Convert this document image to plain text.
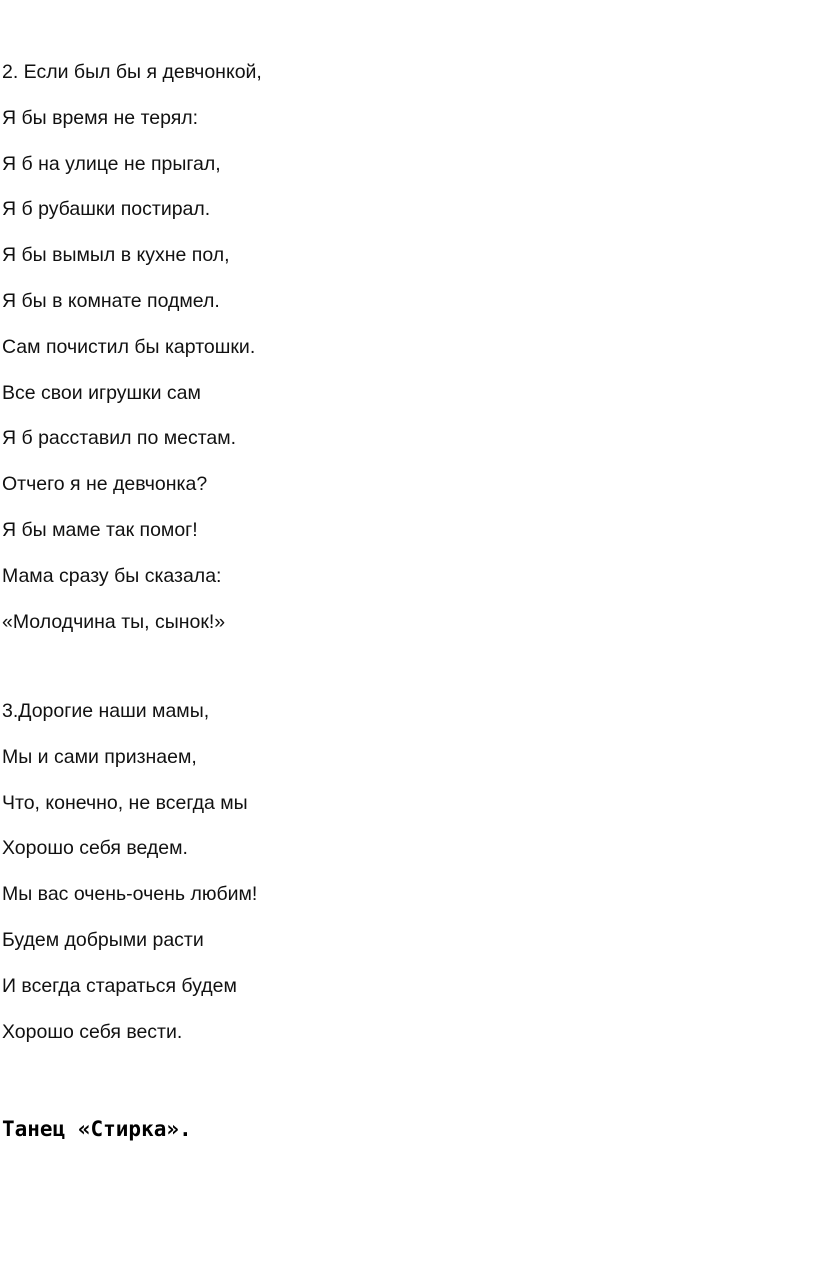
2. Если был бы я девчонкой,
Я бы время не терял:
Я б на улице не прыгал,
Я б рубашки постирал.
Я бы вымыл в кухне пол,
Я бы в комнате подмел.
Сам почистил бы картошки.
Все свои игрушки сам
Я б расставил по местам.
Отчего я не девчонка?
Я бы маме так помог!
Мама сразу бы сказала:
«Молодчина ты, сынок!»
3.Дорогие наши мамы,
Мы и сами признаем,
Что, конечно, не всегда мы
Хорошо себя ведем.
Мы вас очень-очень любим!
Будем добрыми расти
И всегда стараться будем
Хорошо себя вести.
Танец «Стирка».
